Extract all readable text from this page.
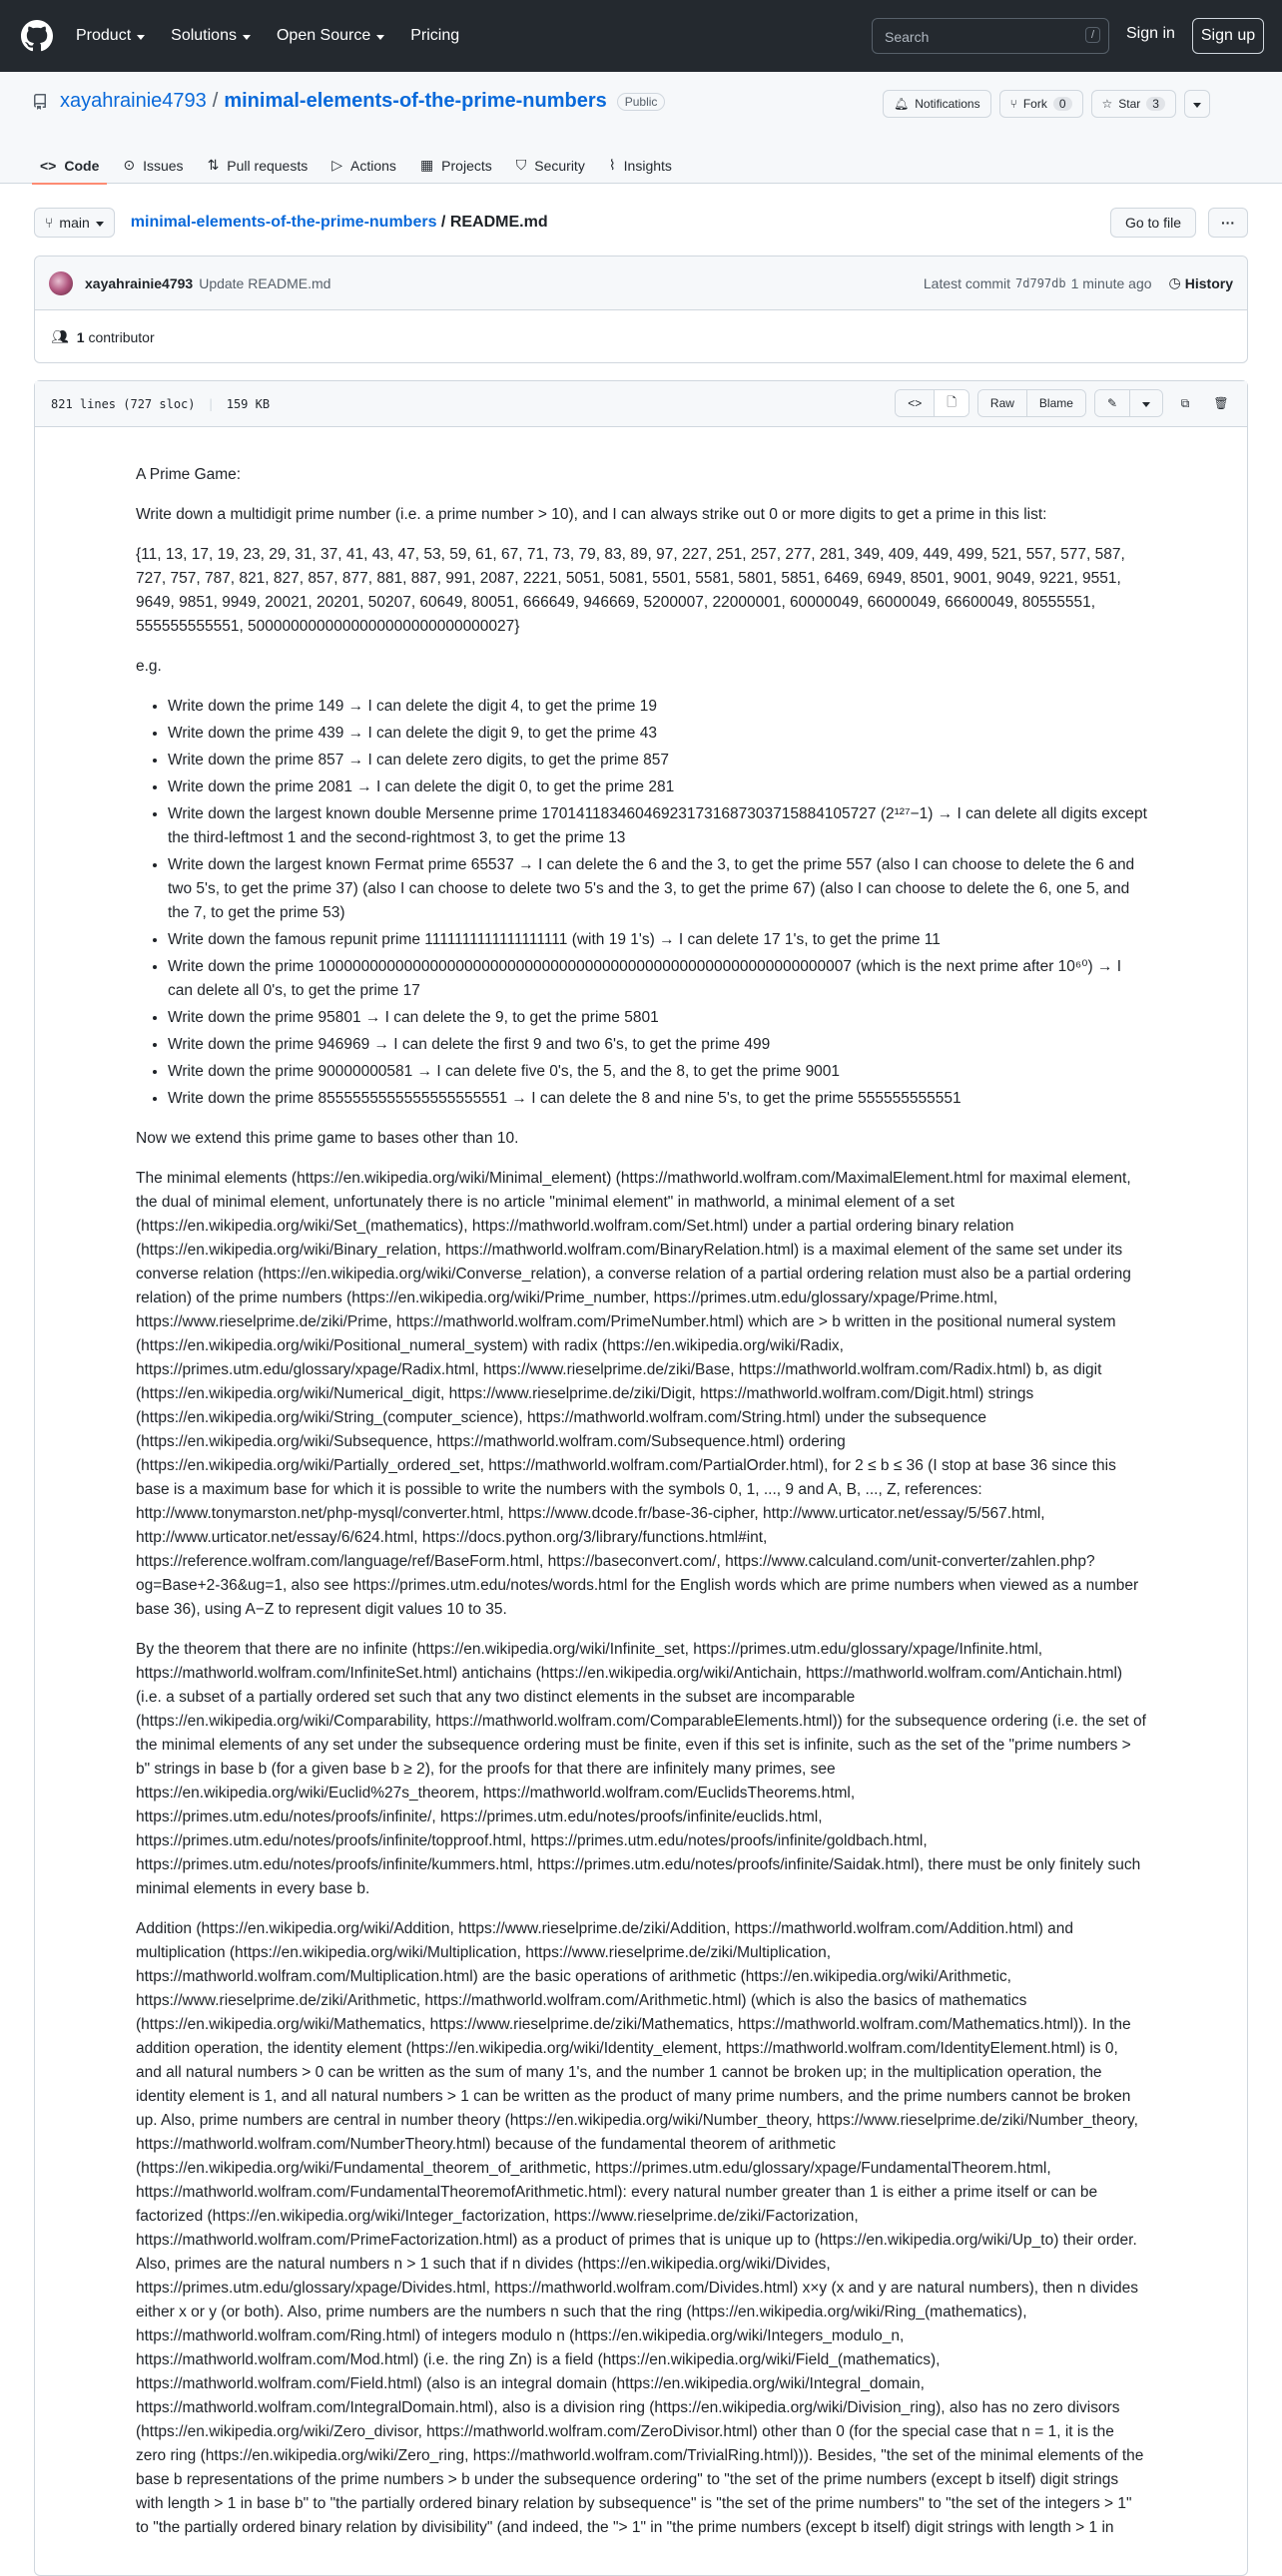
Product	Solutions	Open Source	Pricing	Search	/	Sign in	Sign up
xayahrainie4793 / minimal-elements-of-the-prime-numbers	Public	🔔︎ Notifications	⑂ Fork	0	☆ Star	3
<> Code ⊙ Issues ⇅ Pull requests ▷ Actions ▦ Projects ⛉ Security ⌇ Insights
⑂ main	minimal-elements-of-the-prime-numbers / README.md	Go to file	···
xayahrainie4793 Update README.md	Latest commit 7d797db 1 minute ago ◷ History
👥︎ 1 contributor
821 lines (727 sloc) | 159 KB	<> 🗋︎	Raw	Blame	✎	⧉ 🗑︎

A Prime Game:

Write down a multidigit prime number (i.e. a prime number > 10), and I can always strike out 0 or more digits to get a prime in this list:

{11, 13, 17, 19, 23, 29, 31, 37, 41, 43, 47, 53, 59, 61, 67, 71, 73, 79, 83, 89, 97, 227, 251, 257, 277, 281, 349, 409, 449, 499, 521, 557, 577, 587, 727, 757, 787, 821, 827, 857, 877, 881, 887, 991, 2087, 2221, 5051, 5081, 5501, 5581, 5801, 5851, 6469, 6949, 8501, 9001, 9049, 9221, 9551, 9649, 9851, 9949, 20021, 20201, 50207, 60649, 80051, 666649, 946669, 5200007, 22000001, 60000049, 66000049, 66600049, 80555551, 555555555551, 5000000000000000000000000000027}

e.g.

• Write down the prime 149 → I can delete the digit 4, to get the prime 19
• Write down the prime 439 → I can delete the digit 9, to get the prime 43
• Write down the prime 857 → I can delete zero digits, to get the prime 857
• Write down the prime 2081 → I can delete the digit 0, to get the prime 281
• Write down the largest known double Mersenne prime 170141183460469231731687303715884105727 (2¹²⁷−1) → I can delete all digits except the third-leftmost 1 and the second-rightmost 3, to get the prime 13
• Write down the largest known Fermat prime 65537 → I can delete the 6 and the 3, to get the prime 557 (also I can choose to delete the 6 and two 5's, to get the prime 37) (also I can choose to delete two 5's and the 3, to get the prime 67) (also I can choose to delete the 6, one 5, and the 7, to get the prime 53)
• Write down the famous repunit prime 1111111111111111111 (with 19 1's) → I can delete 17 1's, to get the prime 11
• Write down the prime 10000000000000000000000000000000000000000000000000000000000007 (which is the next prime after 10⁶⁰) → I can delete all 0's, to get the prime 17
• Write down the prime 95801 → I can delete the 9, to get the prime 5801
• Write down the prime 946969 → I can delete the first 9 and two 6's, to get the prime 499
• Write down the prime 90000000581 → I can delete five 0's, the 5, and the 8, to get the prime 9001
• Write down the prime 8555555555555555555551 → I can delete the 8 and nine 5's, to get the prime 555555555551

Now we extend this prime game to bases other than 10.

The minimal elements (https://en.wikipedia.org/wiki/Minimal_element) (https://mathworld.wolfram.com/MaximalElement.html for maximal element, the dual of minimal element, unfortunately there is no article "minimal element" in mathworld, a minimal element of a set (https://en.wikipedia.org/wiki/Set_(mathematics), https://mathworld.wolfram.com/Set.html) under a partial ordering binary relation (https://en.wikipedia.org/wiki/Binary_relation, https://mathworld.wolfram.com/BinaryRelation.html) is a maximal element of the same set under its converse relation (https://en.wikipedia.org/wiki/Converse_relation), a converse relation of a partial ordering relation must also be a partial ordering relation) of the prime numbers (https://en.wikipedia.org/wiki/Prime_number, https://primes.utm.edu/glossary/xpage/Prime.html, https://www.rieselprime.de/ziki/Prime, https://mathworld.wolfram.com/PrimeNumber.html) which are > b written in the positional numeral system (https://en.wikipedia.org/wiki/Positional_numeral_system) with radix (https://en.wikipedia.org/wiki/Radix, https://primes.utm.edu/glossary/xpage/Radix.html, https://www.rieselprime.de/ziki/Base, https://mathworld.wolfram.com/Radix.html) b, as digit (https://en.wikipedia.org/wiki/Numerical_digit, https://www.rieselprime.de/ziki/Digit, https://mathworld.wolfram.com/Digit.html) strings (https://en.wikipedia.org/wiki/String_(computer_science), https://mathworld.wolfram.com/String.html) under the subsequence (https://en.wikipedia.org/wiki/Subsequence, https://mathworld.wolfram.com/Subsequence.html) ordering (https://en.wikipedia.org/wiki/Partially_ordered_set, https://mathworld.wolfram.com/PartialOrder.html), for 2 ≤ b ≤ 36 (I stop at base 36 since this base is a maximum base for which it is possible to write the numbers with the symbols 0, 1, ..., 9 and A, B, ..., Z, references: http://www.tonymarston.net/php-mysql/converter.html, https://www.dcode.fr/base-36-cipher, http://www.urticator.net/essay/5/567.html, http://www.urticator.net/essay/6/624.html, https://docs.python.org/3/library/functions.html#int, https://reference.wolfram.com/language/ref/BaseForm.html, https://baseconvert.com/, https://www.calculand.com/unit-converter/zahlen.php?og=Base+2-36&ug=1, also see https://primes.utm.edu/notes/words.html for the English words which are prime numbers when viewed as a number base 36), using A−Z to represent digit values 10 to 35.

By the theorem that there are no infinite (https://en.wikipedia.org/wiki/Infinite_set, https://primes.utm.edu/glossary/xpage/Infinite.html, https://mathworld.wolfram.com/InfiniteSet.html) antichains (https://en.wikipedia.org/wiki/Antichain, https://mathworld.wolfram.com/Antichain.html) (i.e. a subset of a partially ordered set such that any two distinct elements in the subset are incomparable (https://en.wikipedia.org/wiki/Comparability, https://mathworld.wolfram.com/ComparableElements.html)) for the subsequence ordering (i.e. the set of the minimal elements of any set under the subsequence ordering must be finite, even if this set is infinite, such as the set of the "prime numbers > b" strings in base b (for a given base b ≥ 2), for the proofs for that there are infinitely many primes, see https://en.wikipedia.org/wiki/Euclid%27s_theorem, https://mathworld.wolfram.com/EuclidsTheorems.html, https://primes.utm.edu/notes/proofs/infinite/, https://primes.utm.edu/notes/proofs/infinite/euclids.html, https://primes.utm.edu/notes/proofs/infinite/topproof.html, https://primes.utm.edu/notes/proofs/infinite/goldbach.html, https://primes.utm.edu/notes/proofs/infinite/kummers.html, https://primes.utm.edu/notes/proofs/infinite/Saidak.html), there must be only finitely such minimal elements in every base b.

Addition (https://en.wikipedia.org/wiki/Addition, https://www.rieselprime.de/ziki/Addition, https://mathworld.wolfram.com/Addition.html) and multiplication (https://en.wikipedia.org/wiki/Multiplication, https://www.rieselprime.de/ziki/Multiplication, https://mathworld.wolfram.com/Multiplication.html) are the basic operations of arithmetic (https://en.wikipedia.org/wiki/Arithmetic, https://www.rieselprime.de/ziki/Arithmetic, https://mathworld.wolfram.com/Arithmetic.html) (which is also the basics of mathematics (https://en.wikipedia.org/wiki/Mathematics, https://www.rieselprime.de/ziki/Mathematics, https://mathworld.wolfram.com/Mathematics.html)). In the addition operation, the identity element (https://en.wikipedia.org/wiki/Identity_element, https://mathworld.wolfram.com/IdentityElement.html) is 0, and all natural numbers > 0 can be written as the sum of many 1's, and the number 1 cannot be broken up; in the multiplication operation, the identity element is 1, and all natural numbers > 1 can be written as the product of many prime numbers, and the prime numbers cannot be broken up. Also, prime numbers are central in number theory (https://en.wikipedia.org/wiki/Number_theory, https://www.rieselprime.de/ziki/Number_theory, https://mathworld.wolfram.com/NumberTheory.html) because of the fundamental theorem of arithmetic (https://en.wikipedia.org/wiki/Fundamental_theorem_of_arithmetic, https://primes.utm.edu/glossary/xpage/FundamentalTheorem.html, https://mathworld.wolfram.com/FundamentalTheoremofArithmetic.html): every natural number greater than 1 is either a prime itself or can be factorized (https://en.wikipedia.org/wiki/Integer_factorization, https://www.rieselprime.de/ziki/Factorization, https://mathworld.wolfram.com/PrimeFactorization.html) as a product of primes that is unique up to (https://en.wikipedia.org/wiki/Up_to) their order. Also, primes are the natural numbers n > 1 such that if n divides (https://en.wikipedia.org/wiki/Divides, https://primes.utm.edu/glossary/xpage/Divides.html, https://mathworld.wolfram.com/Divides.html) x×y (x and y are natural numbers), then n divides either x or y (or both). Also, prime numbers are the numbers n such that the ring (https://en.wikipedia.org/wiki/Ring_(mathematics), https://mathworld.wolfram.com/Ring.html) of integers modulo n (https://en.wikipedia.org/wiki/Integers_modulo_n, https://mathworld.wolfram.com/Mod.html) (i.e. the ring Zn) is a field (https://en.wikipedia.org/wiki/Field_(mathematics), https://mathworld.wolfram.com/Field.html) (also is an integral domain (https://en.wikipedia.org/wiki/Integral_domain, https://mathworld.wolfram.com/IntegralDomain.html), also is a division ring (https://en.wikipedia.org/wiki/Division_ring), also has no zero divisors (https://en.wikipedia.org/wiki/Zero_divisor, https://mathworld.wolfram.com/ZeroDivisor.html) other than 0 (for the special case that n = 1, it is the zero ring (https://en.wikipedia.org/wiki/Zero_ring, https://mathworld.wolfram.com/TrivialRing.html))). Besides, "the set of the minimal elements of the base b representations of the prime numbers > b under the subsequence ordering" to "the set of the prime numbers (except b itself) digit strings with length > 1 in base b" to "the partially ordered binary relation by subsequence" is "the set of the prime numbers" to "the set of the integers > 1" to "the partially ordered binary relation by divisibility" (and indeed, the "> 1" in "the prime numbers (except b itself) digit strings with length > 1 in
